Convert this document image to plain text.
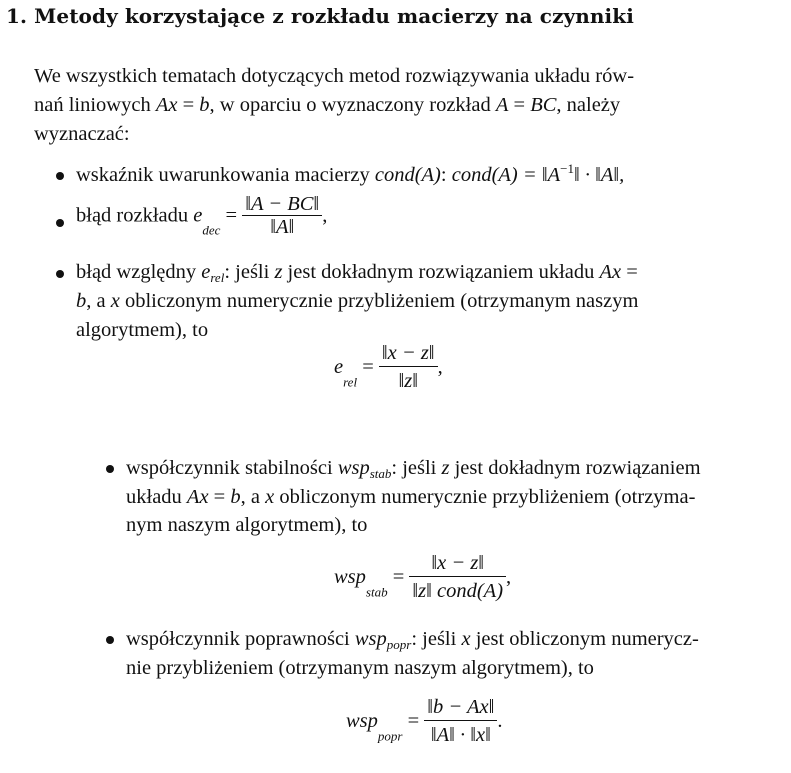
1. Metody korzystające z rozkładu macierzy na czynniki
We wszystkich tematach dotyczących metod rozwiązywania układu rów-
nań liniowych Ax = b, w oparciu o wyznaczony rozkład A = BC, należy
wyznaczać:
wskaźnik uwarunkowania macierzy cond(A): cond(A) = $‖A^{-1}‖$ · ‖A‖,
błąd rozkładu $e_{dec} = \frac{‖A - BC‖}{‖A‖}$ ,
błąd względny $e_{rel}$: jeśli z jest dokładnym rozwiązaniem układu Ax =
b, a x obliczonym numerycznie przybliżeniem (otrzymanym naszym
algorytmem), to
$e_{rel} = \frac{‖x - z‖}{‖z‖}$ ,
współczynnik stabilności wsp$_{stab}$: jeśli z jest dokładnym rozwiązaniem
układu Ax = b, a x obliczonym numerycznie przybliżeniem (otrzyma-
nym naszym algorytmem), to
$wsp_{stab} = \frac{‖x - z‖}{\text{‖z‖ cond(A)}}$ ,
współczynnik poprawności wsp$_{popr}$: jeśli x jest obliczonym numerycz-
nie przybliżeniem (otrzymanym naszym algorytmem), to
$wsp_{popr} = \frac{‖b - Ax‖}{‖A‖ \cdot ‖x‖}$ .
